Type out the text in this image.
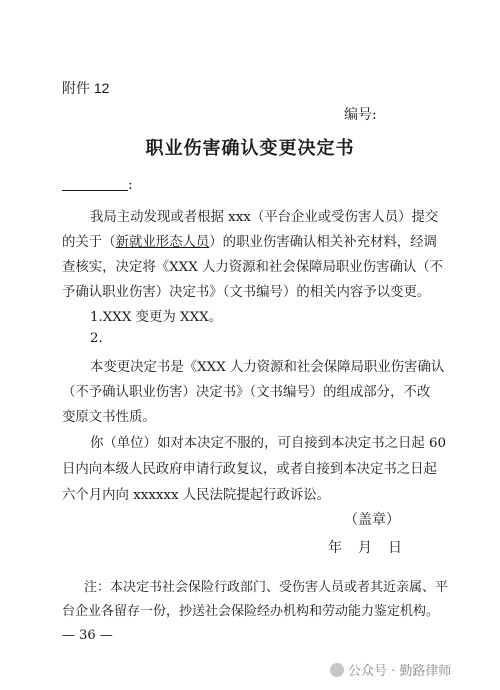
附件 12
编号:
职业伤害确认变更决定书
:
我局主动发现或者根据 xxx（平台企业或受伤害人员）提交
的关于（新就业形态人员）的职业伤害确认相关补充材料，经调
查核实，决定将《XXX 人力资源和社会保障局职业伤害确认（不
予确认职业伤害）决定书》（文书编号）的相关内容予以变更。
1.XXX 变更为 XXX。
2.
本变更决定书是《XXX 人力资源和社会保障局职业伤害确认
（不予确认职业伤害）决定书》（文书编号）的组成部分，不改
变原文书性质。
你（单位）如对本决定不服的，可自接到本决定书之日起 60
日内向本级人民政府申请行政复议，或者自接到本决定书之日起
六个月内向 xxxxxx 人民法院提起行政诉讼。
（盖章）
年　月　日
注：本决定书社会保险行政部门、受伤害人员或者其近亲属、平
台企业各留存一份，抄送社会保险经办机构和劳动能力鉴定机构。
— 36 —
公众号 · 勤路律师
